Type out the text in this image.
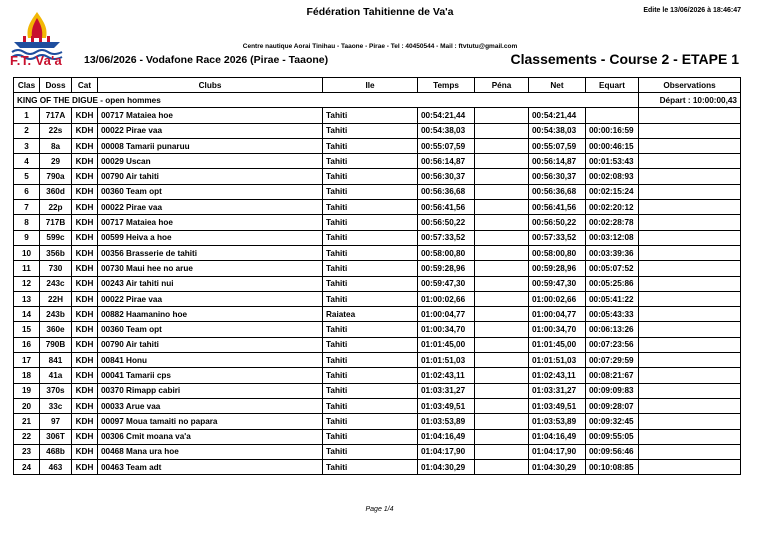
F.T. Va'a
Fédération Tahitienne de Va'a	Edite le 13/06/2026 à 18:46:47
Centre nautique Aorai Tinihau - Taaone - Pirae - Tel : 40450544 - Mail : ftvtutu@gmail.com
13/06/2026 - Vodafone Race 2026 (Pirae - Taaone)	Classements - Course 2 - ETAPE 1
Clas	Doss	Cat	Clubs	Ile	Temps	Péna	Net	Equart	Observations
KING OF THE DIGUE - open hommes									Départ : 10:00:00,43
1	717A	KDH	00717 Mataiea hoe	Tahiti	00:54:21,44		00:54:21,44		
2	22s	KDH	00022 Pirae vaa	Tahiti	00:54:38,03		00:54:38,03	00:00:16:59	
3	8a	KDH	00008 Tamarii punaruu	Tahiti	00:55:07,59		00:55:07,59	00:00:46:15	
4	29	KDH	00029 Uscan	Tahiti	00:56:14,87		00:56:14,87	00:01:53:43	
5	790a	KDH	00790 Air tahiti	Tahiti	00:56:30,37		00:56:30,37	00:02:08:93	
6	360d	KDH	00360 Team opt	Tahiti	00:56:36,68		00:56:36,68	00:02:15:24	
7	22p	KDH	00022 Pirae vaa	Tahiti	00:56:41,56		00:56:41,56	00:02:20:12	
8	717B	KDH	00717 Mataiea hoe	Tahiti	00:56:50,22		00:56:50,22	00:02:28:78	
9	599c	KDH	00599 Heiva a hoe	Tahiti	00:57:33,52		00:57:33,52	00:03:12:08	
10	356b	KDH	00356 Brasserie de tahiti	Tahiti	00:58:00,80		00:58:00,80	00:03:39:36	
11	730	KDH	00730 Maui hee no arue	Tahiti	00:59:28,96		00:59:28,96	00:05:07:52	
12	243c	KDH	00243 Air tahiti nui	Tahiti	00:59:47,30		00:59:47,30	00:05:25:86	
13	22H	KDH	00022 Pirae vaa	Tahiti	01:00:02,66		01:00:02,66	00:05:41:22	
14	243b	KDH	00882 Haamanino hoe	Raiatea	01:00:04,77		01:00:04,77	00:05:43:33	
15	360e	KDH	00360 Team opt	Tahiti	01:00:34,70		01:00:34,70	00:06:13:26	
16	790B	KDH	00790 Air tahiti	Tahiti	01:01:45,00		01:01:45,00	00:07:23:56	
17	841	KDH	00841 Honu	Tahiti	01:01:51,03		01:01:51,03	00:07:29:59	
18	41a	KDH	00041 Tamarii cps	Tahiti	01:02:43,11		01:02:43,11	00:08:21:67	
19	370s	KDH	00370 Rimapp cabiri	Tahiti	01:03:31,27		01:03:31,27	00:09:09:83	
20	33c	KDH	00033 Arue vaa	Tahiti	01:03:49,51		01:03:49,51	00:09:28:07	
21	97	KDH	00097 Moua tamaiti no papara	Tahiti	01:03:53,89		01:03:53,89	00:09:32:45	
22	306T	KDH	00306 Cmit moana va'a	Tahiti	01:04:16,49		01:04:16,49	00:09:55:05	
23	468b	KDH	00468 Mana ura hoe	Tahiti	01:04:17,90		01:04:17,90	00:09:56:46	
24	463	KDH	00463 Team adt	Tahiti	01:04:30,29		01:04:30,29	00:10:08:85	
Page 1/4
